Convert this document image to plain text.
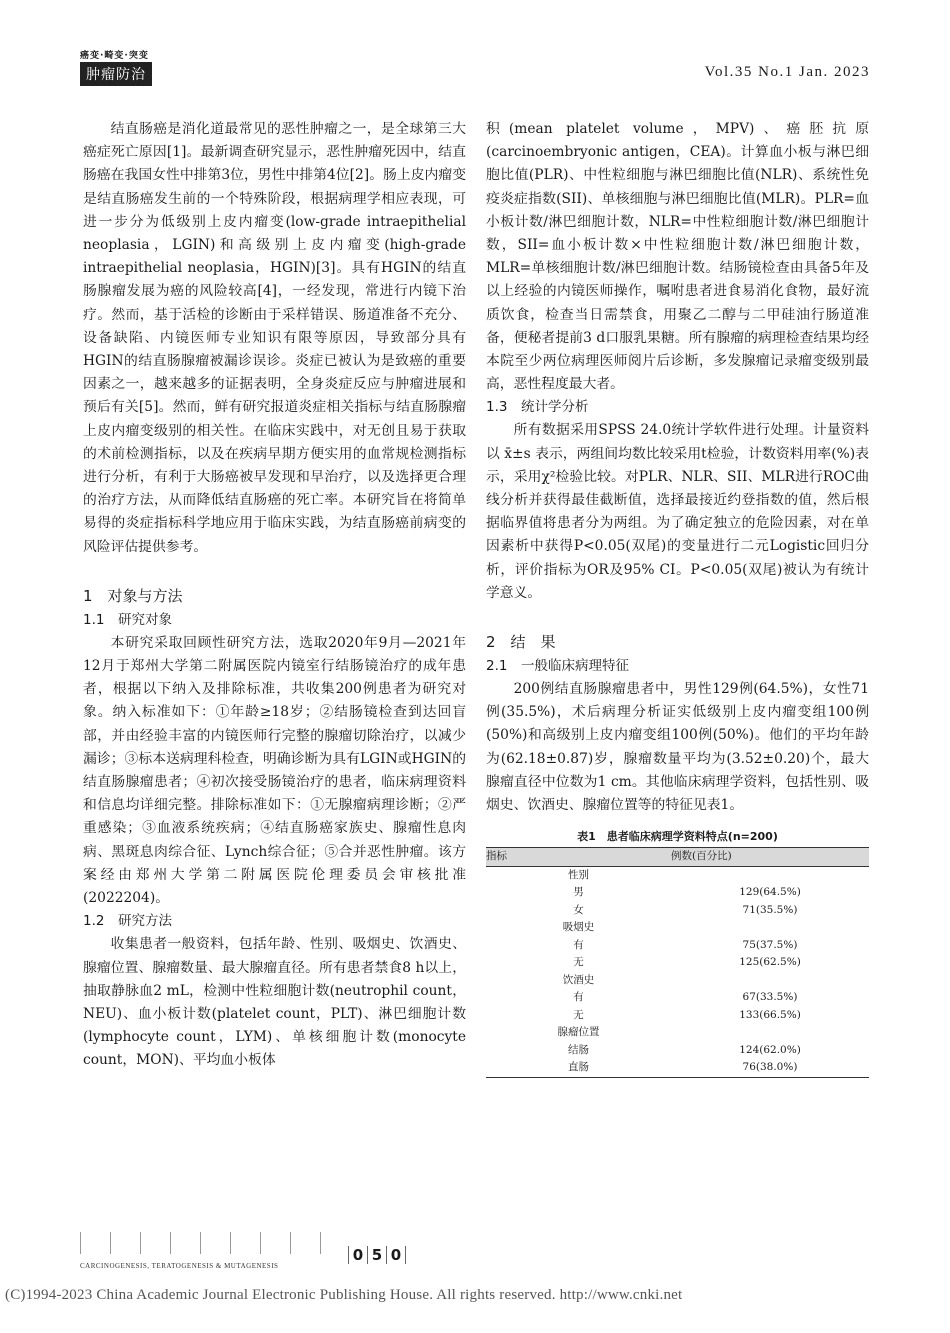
癌变·畸变·突变
肿瘤防治	Vol.35 No.1 Jan. 2023

结直肠癌是消化道最常见的恶性肿瘤之一，是全球第三大癌症死亡原因[1]。最新调查研究显示，恶性肿瘤死因中，结直肠癌在我国女性中排第3位，男性中排第4位[2]。肠上皮内瘤变是结直肠癌发生前的一个特殊阶段，根据病理学相应表现，可进一步分为低级别上皮内瘤变(low-grade intraepithelial neoplasia，LGIN)和高级别上皮内瘤变(high-grade intraepithelial neoplasia，HGIN)[3]。具有HGIN的结直肠腺瘤发展为癌的风险较高[4]，一经发现，常进行内镜下治疗。然而，基于活检的诊断由于采样错误、肠道准备不充分、设备缺陷、内镜医师专业知识有限等原因，导致部分具有HGIN的结直肠腺瘤被漏诊误诊。炎症已被认为是致癌的重要因素之一，越来越多的证据表明，全身炎症反应与肿瘤进展和预后有关[5]。然而，鲜有研究报道炎症相关指标与结直肠腺瘤上皮内瘤变级别的相关性。在临床实践中，对无创且易于获取的术前检测指标，以及在疾病早期方便实用的血常规检测指标进行分析，有利于大肠癌被早发现和早治疗，以及选择更合理的治疗方法，从而降低结直肠癌的死亡率。本研究旨在将简单易得的炎症指标科学地应用于临床实践，为结直肠癌前病变的风险评估提供参考。

1　对象与方法
1.1　研究对象

本研究采取回顾性研究方法，选取2020年9月—2021年12月于郑州大学第二附属医院内镜室行结肠镜治疗的成年患者，根据以下纳入及排除标准，共收集200例患者为研究对象。纳入标准如下：①年龄≥18岁；②结肠镜检查到达回盲部，并由经验丰富的内镜医师行完整的腺瘤切除治疗，以减少漏诊；③标本送病理科检查，明确诊断为具有LGIN或HGIN的结直肠腺瘤患者；④初次接受肠镜治疗的患者，临床病理资料和信息均详细完整。排除标准如下：①无腺瘤病理诊断；②严重感染；③血液系统疾病；④结直肠癌家族史、腺瘤性息肉病、黑斑息肉综合征、Lynch综合征；⑤合并恶性肿瘤。该方案经由郑州大学第二附属医院伦理委员会审核批准(2022204)。

1.2　研究方法

收集患者一般资料，包括年龄、性别、吸烟史、饮酒史、腺瘤位置、腺瘤数量、最大腺瘤直径。所有患者禁食8 h以上，抽取静脉血2 mL，检测中性粒细胞计数(neutrophil count，NEU)、血小板计数(platelet count，PLT)、淋巴细胞计数(lymphocyte count，LYM)、单核细胞计数(monocyte count，MON)、平均血小板体

积(mean platelet volume，MPV)、癌胚抗原(carcinoembryonic antigen，CEA)。计算血小板与淋巴细胞比值(PLR)、中性粒细胞与淋巴细胞比值(NLR)、系统性免疫炎症指数(SII)、单核细胞与淋巴细胞比值(MLR)。PLR=血小板计数/淋巴细胞计数，NLR=中性粒细胞计数/淋巴细胞计数，SII=血小板计数×中性粒细胞计数/淋巴细胞计数，MLR=单核细胞计数/淋巴细胞计数。结肠镜检查由具备5年及以上经验的内镜医师操作，嘱咐患者进食易消化食物，最好流质饮食，检查当日需禁食，用聚乙二醇与二甲硅油行肠道准备，便秘者提前3 d口服乳果糖。所有腺瘤的病理检查结果均经本院至少两位病理医师阅片后诊断，多发腺瘤记录瘤变级别最高，恶性程度最大者。

1.3　统计学分析

所有数据采用SPSS 24.0统计学软件进行处理。计量资料以 x̄±s 表示，两组间均数比较采用t检验，计数资料用率(%)表示，采用χ²检验比较。对PLR、NLR、SII、MLR进行ROC曲线分析并获得最佳截断值，选择最接近约登指数的值，然后根据临界值将患者分为两组。为了确定独立的危险因素，对在单因素析中获得P<0.05(双尾)的变量进行二元Logistic回归分析，评价指标为OR及95% CI。P<0.05(双尾)被认为有统计学意义。

2　结　果
2.1　一般临床病理特征

200例结直肠腺瘤患者中，男性129例(64.5%)，女性71例(35.5%)，术后病理分析证实低级别上皮内瘤变组100例(50%)和高级别上皮内瘤变组100例(50%)。他们的平均年龄为(62.18±0.87)岁，腺瘤数量平均为(3.52±0.20)个，最大腺瘤直径中位数为1 cm。其他临床病理学资料，包括性别、吸烟史、饮酒史、腺瘤位置等的特征见表1。

表1　患者临床病理学资料特点(n=200)
指标	例数(百分比)
性别	
男	129(64.5%)
女	71(35.5%)
吸烟史	
有	75(37.5%)
无	125(62.5%)
饮酒史	
有	67(33.5%)
无	133(66.5%)
腺瘤位置	
结肠	124(62.0%)
直肠	76(38.0%)
CARCINOGENESIS, TERATOGENESIS & MUTAGENESIS
0 5 0
(C)1994-2023 China Academic Journal Electronic Publishing House. All rights reserved. http://www.cnki.net
